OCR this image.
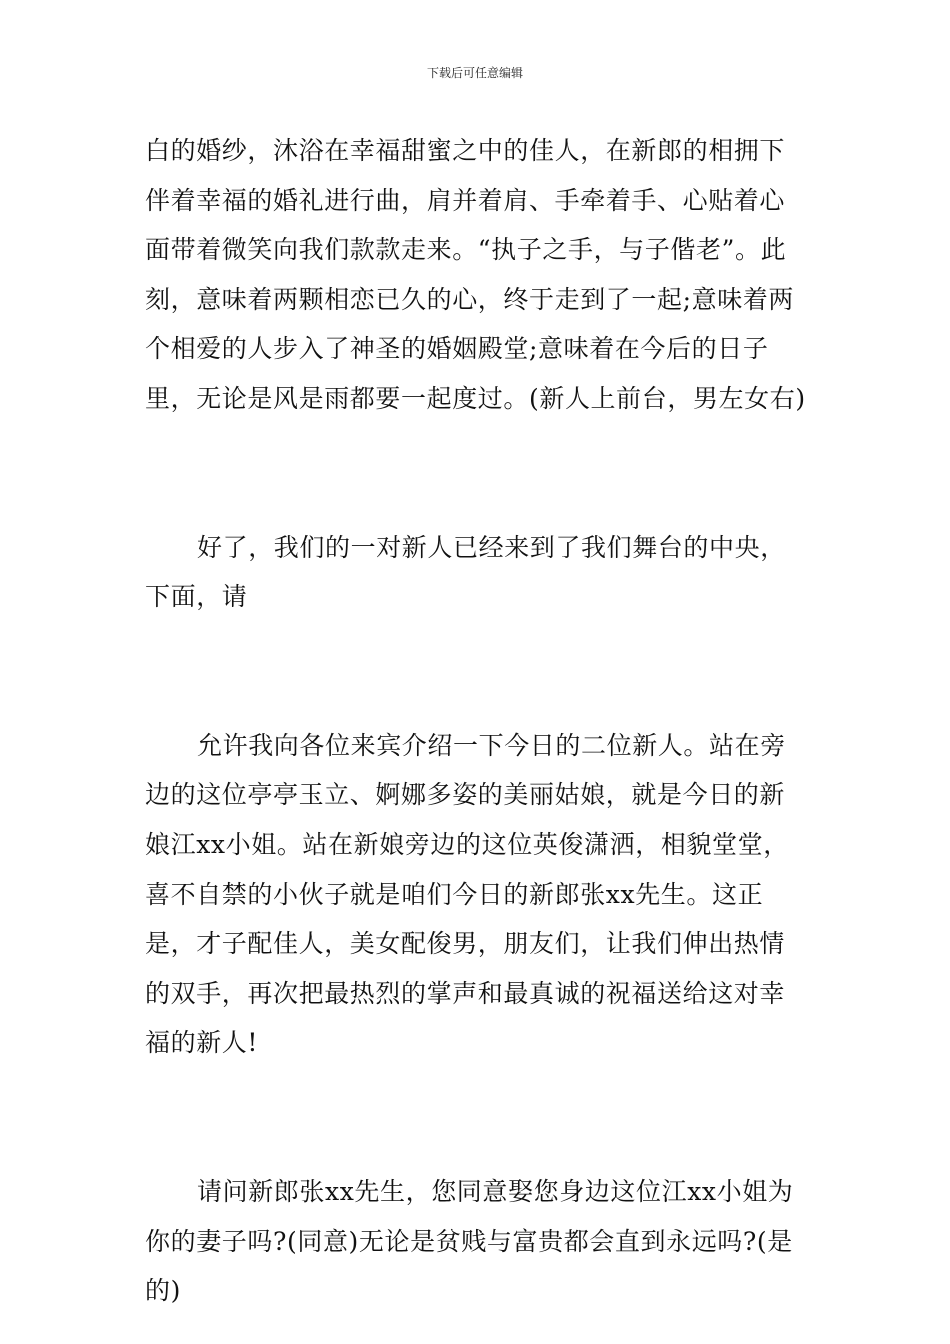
下载后可任意编辑

白的婚纱，沐浴在幸福甜蜜之中的佳人，在新郎的相拥下伴着幸福的婚礼进行曲，肩并着肩、手牵着手、心贴着心面带着微笑向我们款款走来。“执子之手，与子偕老”。此刻，意味着两颗相恋已久的心，终于走到了一起;意味着两个相爱的人步入了神圣的婚姻殿堂;意味着在今后的日子里，无论是风是雨都要一起度过。(新人上前台，男左女右)

好了，我们的一对新人已经来到了我们舞台的中央，下面，请

允许我向各位来宾介绍一下今日的二位新人。站在旁边的这位亭亭玉立、婀娜多姿的美丽姑娘，就是今日的新娘江xx小姐。站在新娘旁边的这位英俊潇洒，相貌堂堂，喜不自禁的小伙子就是咱们今日的新郎张xx先生。这正是，才子配佳人，美女配俊男，朋友们，让我们伸出热情的双手，再次把最热烈的掌声和最真诚的祝福送给这对幸福的新人!

请问新郎张xx先生，您同意娶您身边这位江xx小姐为你的妻子吗?(同意)无论是贫贱与富贵都会直到永远吗?(是的)
